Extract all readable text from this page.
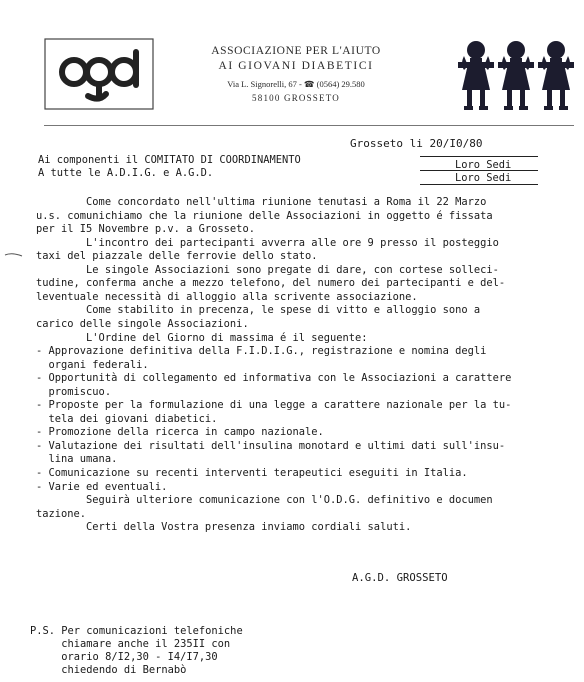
agd
ASSOCIAZIONE PER L'AIUTO
AI GIOVANI DIABETICI
Via L. Signorelli, 67 - ☎ (0564) 29.580
58100 GROSSETO
Grosseto li 20/I0/80
Ai componenti il COMITATO DI COORDINAMENTO
A tutte le A.D.I.G. e A.G.D.
Loro Sedi
Loro Sedi
Come concordato nell'ultima riunione tenutasi a Roma il 22 Marzo
u.s. comunichiamo che la riunione delle Associazioni in oggetto é fissata
per il I5 Novembre p.v. a Grosseto.
L'incontro dei partecipanti avverra alle ore 9 presso il posteggio
taxi del piazzale delle ferrovie dello stato.
Le singole Associazioni sono pregate di dare, con cortese solleci-
tudine, conferma anche a mezzo telefono, del numero dei partecipanti e del-
leventuale necessità di alloggio alla scrivente associazione.
Come stabilito in precenza, le spese di vitto e alloggio sono a
carico delle singole Associazioni.
L'Ordine del Giorno di massima é il seguente:
- Approvazione definitiva della F.I.D.I.G., registrazione e nomina degli
organi federali.
- Opportunità di collegamento ed informativa con le Associazioni a carattere
promiscuo.
- Proposte per la formulazione di una legge a carattere nazionale per la tu-
tela dei giovani diabetici.
- Promozione della ricerca in campo nazionale.
- Valutazione dei risultati dell'insulina monotard e ultimi dati sull'insu-
lina umana.
- Comunicazione su recenti interventi terapeutici eseguiti in Italia.
- Varie ed eventuali.
Seguirà ulteriore comunicazione con l'O.D.G. definitivo e documen
tazione.
Certi della Vostra presenza inviamo cordiali saluti.
A.G.D. GROSSETO
P.S. Per comunicazioni telefoniche
chiamare anche il 235II con
orario 8/I2,30 - I4/I7,30
chiedendo di Bernabò
